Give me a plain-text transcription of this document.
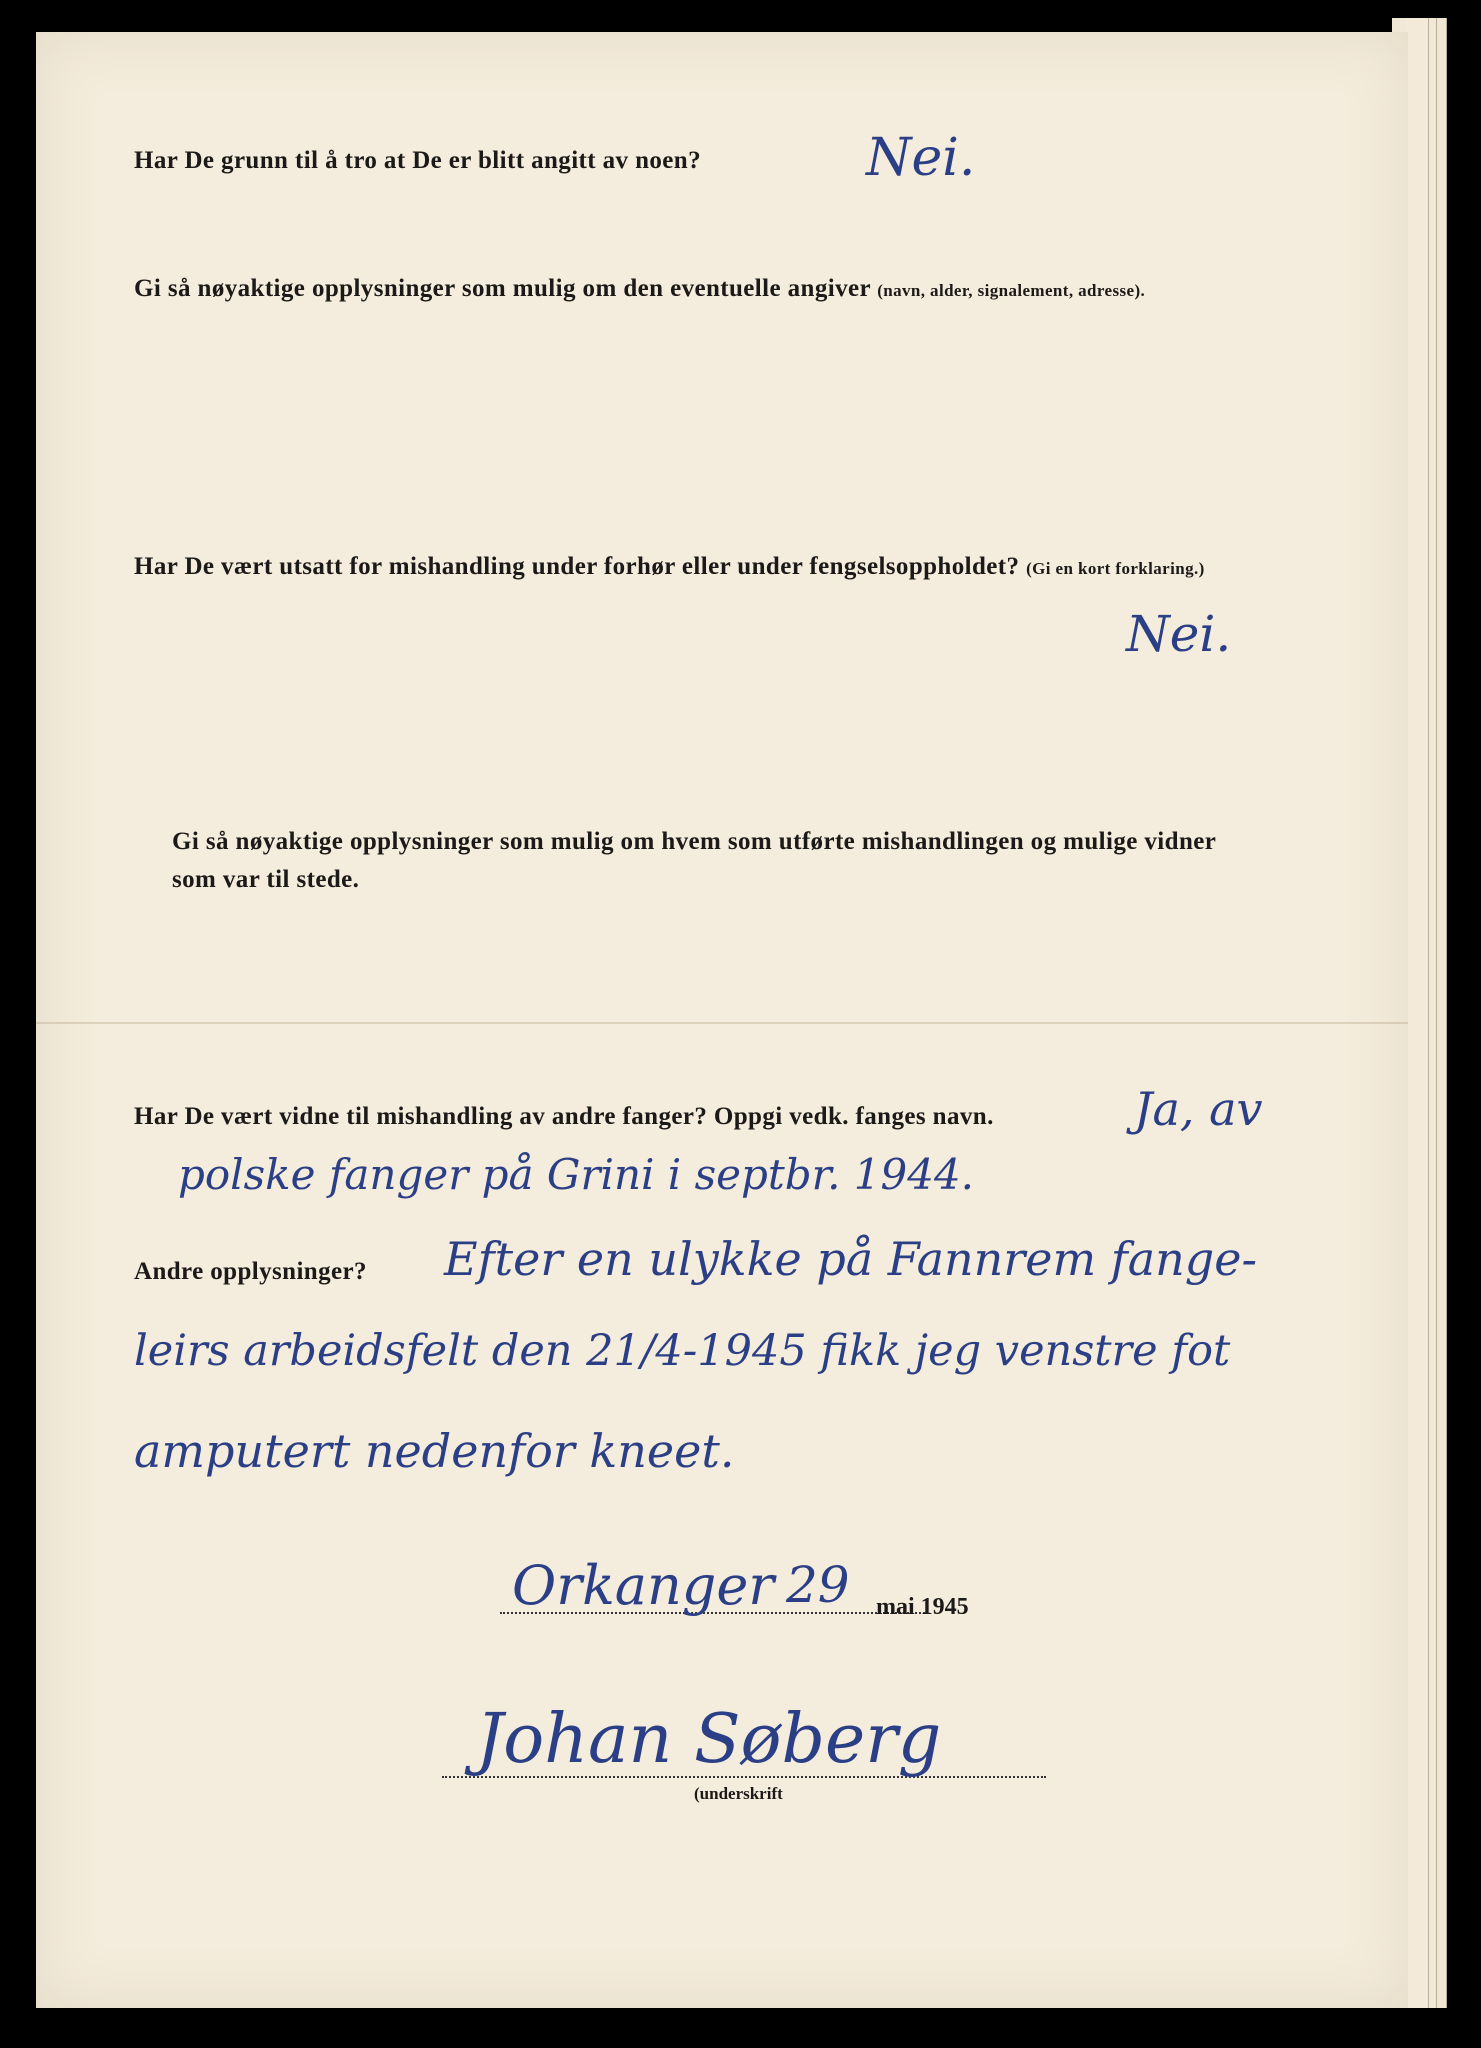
Har De grunn til å tro at De er blitt angitt av noen?	Nei.
Gi så nøyaktige opplysninger som mulig om den eventuelle angiver (navn, alder, signalement, adresse).
Har De vært utsatt for mishandling under forhør eller under fengselsoppholdet? (Gi en kort forklaring.)
Nei.
Gi så nøyaktige opplysninger som mulig om hvem som utførte mishandlingen og mulige vidner
som var til stede.
Har De vært vidne til mishandling av andre fanger? Oppgi vedk. fanges navn.	Ja, av
polske fanger på Grini i septbr. 1944.
Andre opplysninger? Efter en ulykke på Fannrem fange-
leirs arbeidsfelt den 21/4-1945 fikk jeg venstre fot
amputert nedenfor kneet.
Orkanger 29 mai 1945
Johan Søberg
(underskrift
